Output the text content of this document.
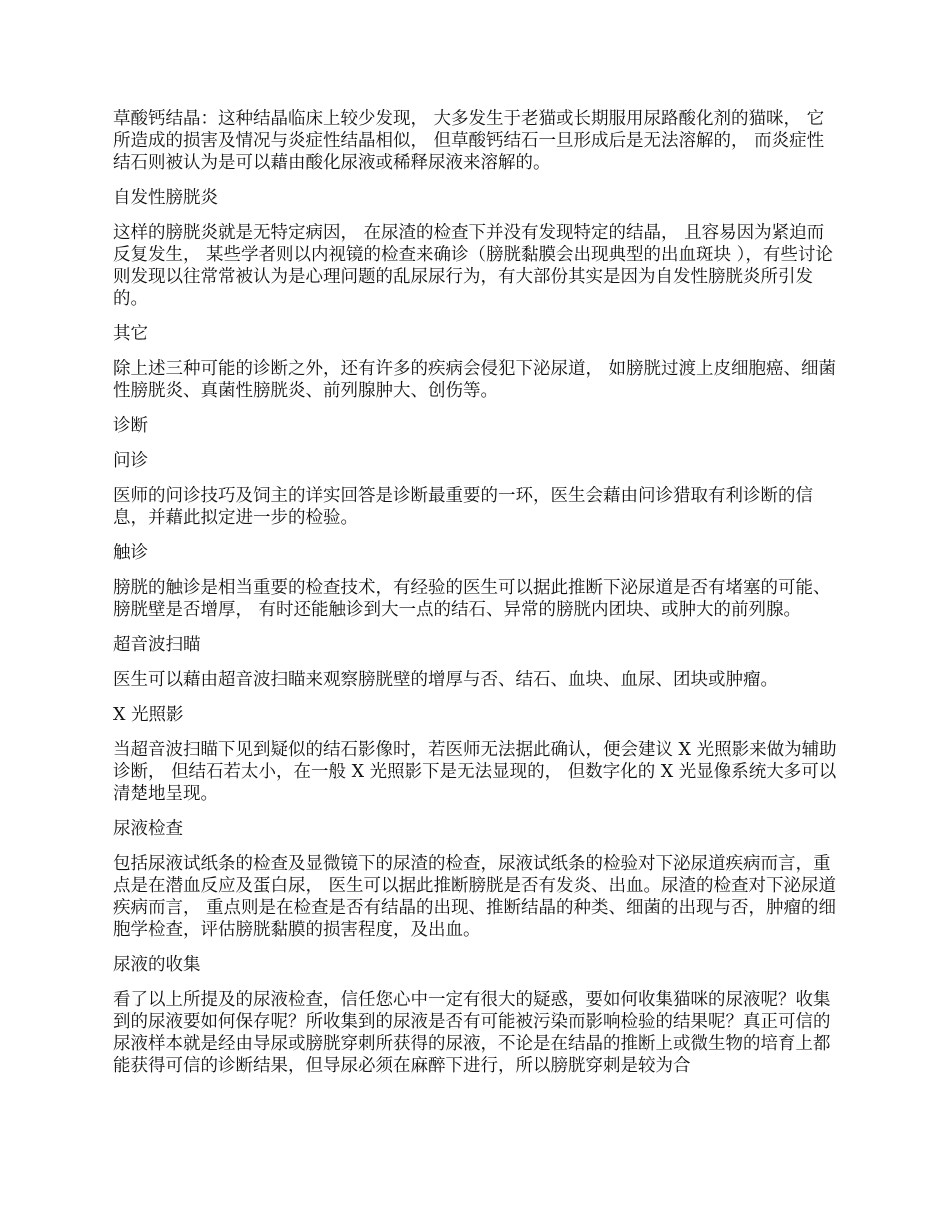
草酸钙结晶：这种结晶临床上较少发现， 大多发生于老猫或长期服用尿路酸化剂的猫咪， 它所造成的损害及情况与炎症性结晶相似， 但草酸钙结石一旦形成后是无法溶解的， 而炎症性结石则被认为是可以藉由酸化尿液或稀释尿液来溶解的。

自发性膀胱炎

这样的膀胱炎就是无特定病因， 在尿渣的检查下并没有发现特定的结晶， 且容易因为紧迫而反复发生， 某些学者则以内视镜的检查来确诊（膀胱黏膜会出现典型的出血斑块 ），有些讨论则发现以往常常被认为是心理问题的乱尿尿行为，有大部份其实是因为自发性膀胱炎所引发的。

其它

除上述三种可能的诊断之外，还有许多的疾病会侵犯下泌尿道， 如膀胱过渡上皮细胞癌、细菌性膀胱炎、真菌性膀胱炎、前列腺肿大、创伤等。

诊断

问诊

医师的问诊技巧及饲主的详实回答是诊断最重要的一环，医生会藉由问诊猎取有利诊断的信息，并藉此拟定进一步的检验。

触诊

膀胱的触诊是相当重要的检查技术，有经验的医生可以据此推断下泌尿道是否有堵塞的可能、膀胱壁是否增厚， 有时还能触诊到大一点的结石、异常的膀胱内团块、或肿大的前列腺。

超音波扫瞄

医生可以藉由超音波扫瞄来观察膀胱壁的增厚与否、结石、血块、血尿、团块或肿瘤。

X 光照影

当超音波扫瞄下见到疑似的结石影像时，若医师无法据此确认，便会建议 X 光照影来做为辅助诊断， 但结石若太小，在一般 X 光照影下是无法显现的， 但数字化的 X 光显像系统大多可以清楚地呈现。

尿液检查

包括尿液试纸条的检查及显微镜下的尿渣的检查，尿液试纸条的检验对下泌尿道疾病而言，重点是在潜血反应及蛋白尿， 医生可以据此推断膀胱是否有发炎、出血。尿渣的检查对下泌尿道疾病而言， 重点则是在检查是否有结晶的出现、推断结晶的种类、细菌的出现与否，肿瘤的细胞学检查，评估膀胱黏膜的损害程度，及出血。

尿液的收集

看了以上所提及的尿液检查，信任您心中一定有很大的疑惑，要如何收集猫咪的尿液呢？收集到的尿液要如何保存呢？所收集到的尿液是否有可能被污染而影响检验的结果呢？真正可信的尿液样本就是经由导尿或膀胱穿刺所获得的尿液，不论是在结晶的推断上或微生物的培育上都能获得可信的诊断结果，但导尿必须在麻醉下进行，所以膀胱穿刺是较为合
